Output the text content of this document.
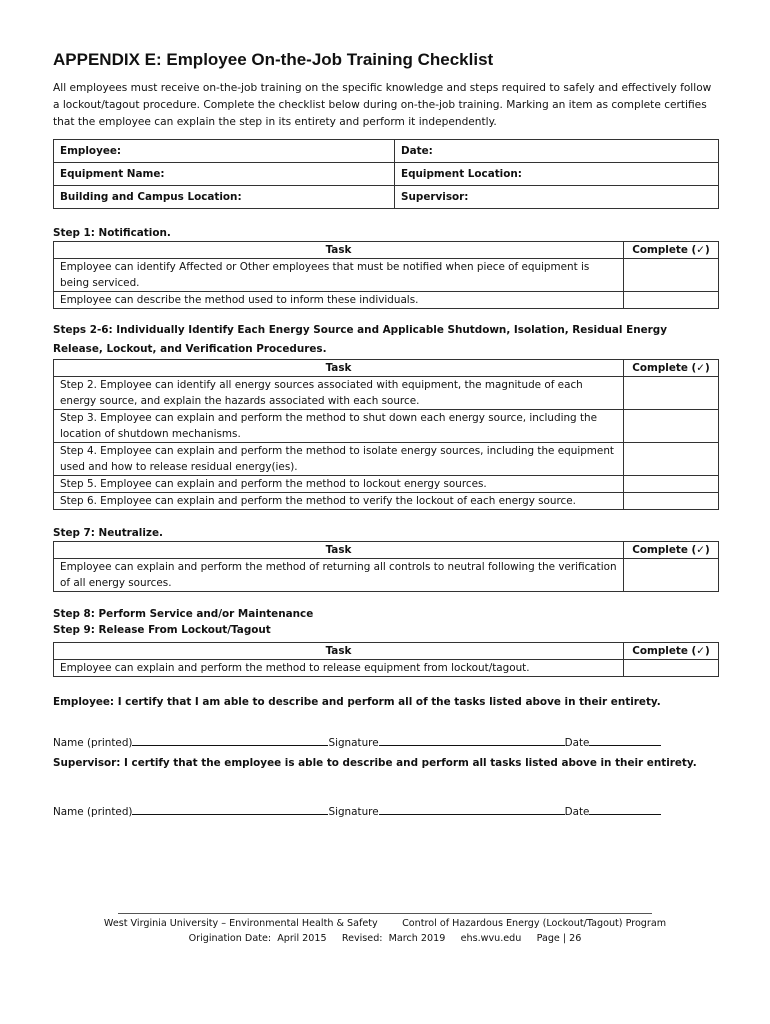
APPENDIX E: Employee On-the-Job Training Checklist

All employees must receive on-the-job training on the specific knowledge and steps required to safely and effectively follow a lockout/tagout procedure. Complete the checklist below during on-the-job training. Marking an item as complete certifies that the employee can explain the step in its entirety and perform it independently.

Employee:	Date:
Equipment Name:	Equipment Location:
Building and Campus Location:	Supervisor:

Step 1: Notification.

Task	Complete (✓)
Employee can identify Affected or Other employees that must be notified when piece of equipment is being serviced.	
Employee can describe the method used to inform these individuals.	

Steps 2-6: Individually Identify Each Energy Source and Applicable Shutdown, Isolation, Residual Energy Release, Lockout, and Verification Procedures.

Task	Complete (✓)
Step 2. Employee can identify all energy sources associated with equipment, the magnitude of each energy source, and explain the hazards associated with each source.	
Step 3. Employee can explain and perform the method to shut down each energy source, including the location of shutdown mechanisms.	
Step 4. Employee can explain and perform the method to isolate energy sources, including the equipment used and how to release residual energy(ies).	
Step 5. Employee can explain and perform the method to lockout energy sources.	
Step 6. Employee can explain and perform the method to verify the lockout of each energy source.	

Step 7: Neutralize.

Task	Complete (✓)
Employee can explain and perform the method of returning all controls to neutral following the verification of all energy sources.	

Step 8: Perform Service and/or Maintenance

Step 9: Release From Lockout/Tagout

Task	Complete (✓)
Employee can explain and perform the method to release equipment from lockout/tagout.	

Employee: I certify that I am able to describe and perform all of the tasks listed above in their entirety.

Name (printed)	Signature	Date

Supervisor: I certify that the employee is able to describe and perform all tasks listed above in their entirety.

Name (printed)	Signature	Date

West Virginia University – Environmental Health & Safety        Control of Hazardous Energy (Lockout/Tagout) Program
Origination Date:  April 2015     Revised:  March 2019     ehs.wvu.edu     Page | 26
